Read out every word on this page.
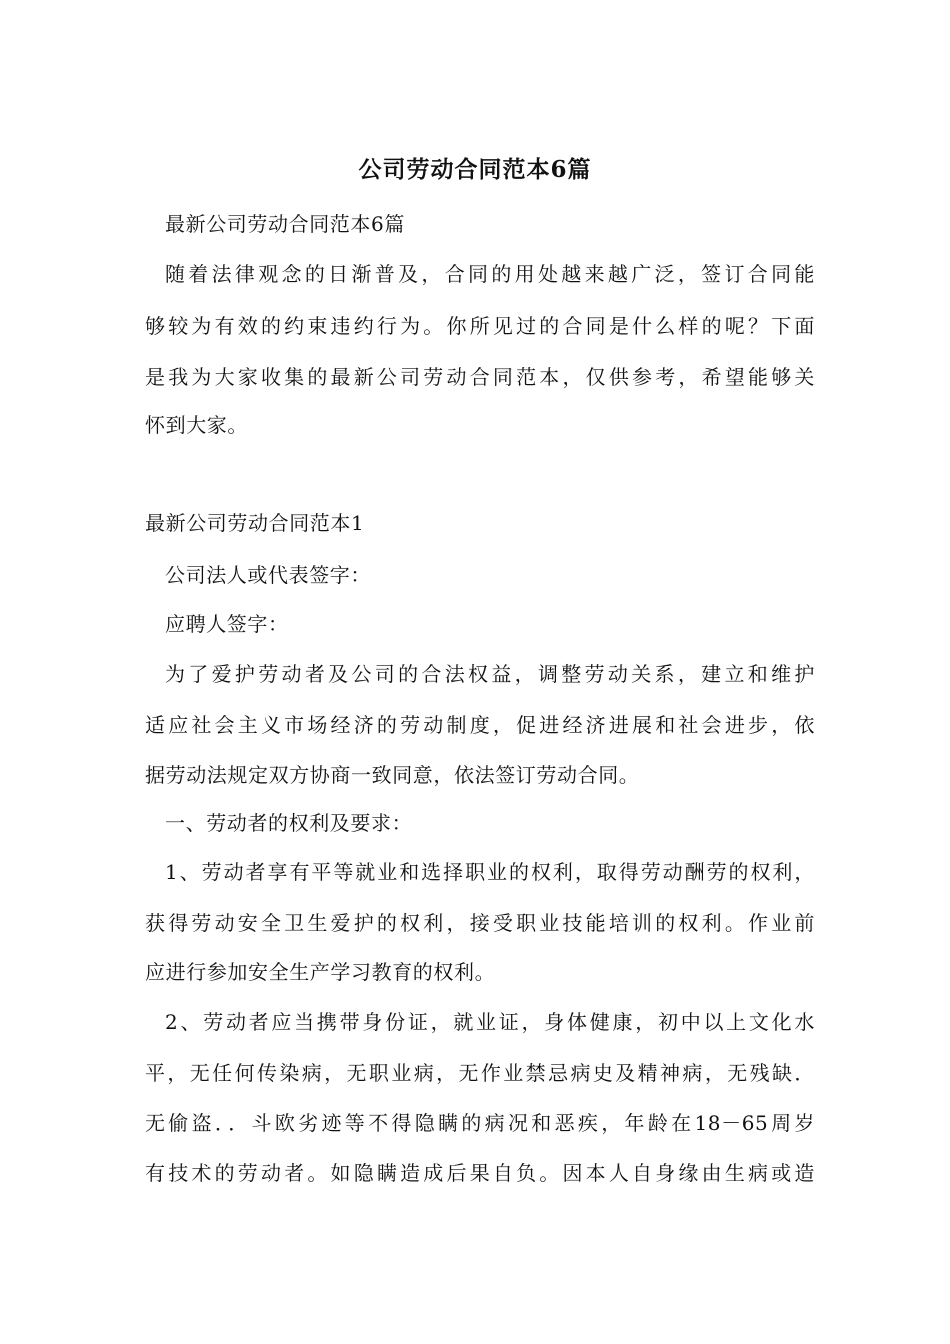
公司劳动合同范本6篇
最新公司劳动合同范本6篇
随着法律观念的日渐普及，合同的用处越来越广泛，签订合同能
够较为有效的约束违约行为。你所见过的合同是什么样的呢？下面
是我为大家收集的最新公司劳动合同范本，仅供参考，希望能够关
怀到大家。
最新公司劳动合同范本1
公司法人或代表签字：
应聘人签字：
为了爱护劳动者及公司的合法权益，调整劳动关系，建立和维护
适应社会主义市场经济的劳动制度，促进经济进展和社会进步，依
据劳动法规定双方协商一致同意，依法签订劳动合同。
一、劳动者的权利及要求：
1、劳动者享有平等就业和选择职业的权利，取得劳动酬劳的权利，
获得劳动安全卫生爱护的权利，接受职业技能培训的权利。作业前
应进行参加安全生产学习教育的权利。
2、劳动者应当携带身份证，就业证，身体健康，初中以上文化水
平，无任何传染病，无职业病，无作业禁忌病史及精神病，无残缺．
无偷盗．．斗欧劣迹等不得隐瞒的病况和恶疾，年龄在18－65周岁
有技术的劳动者。如隐瞒造成后果自负。因本人自身缘由生病或造
